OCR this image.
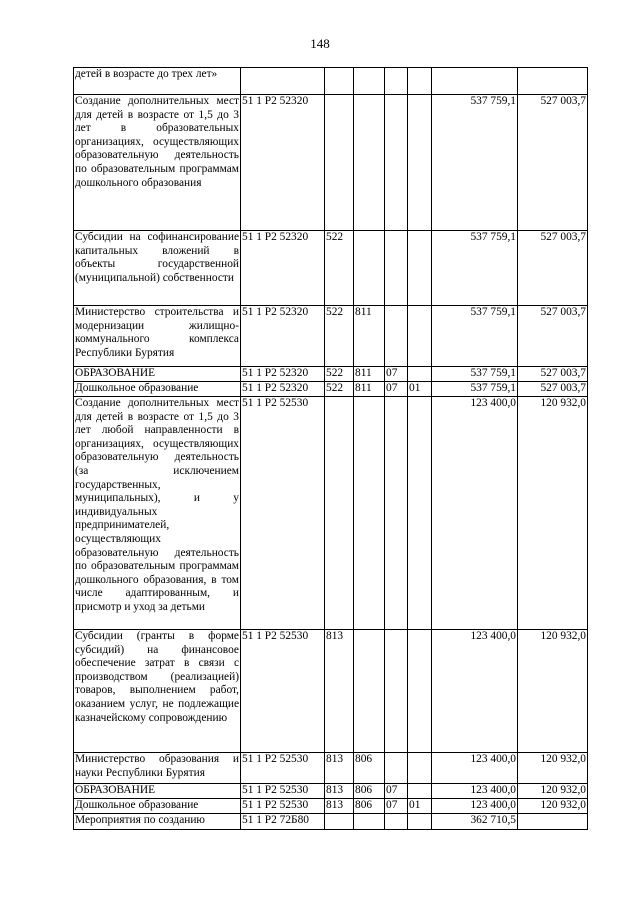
148
детей в возрасте до трех лет»							
Создание дополнительных мест для детей в возрасте от 1,5 до 3 лет в образовательных организациях, осуществляющих образовательную деятельность по образовательным программам дошкольного образования	51 1 P2 52320					537 759,1	527 003,7
Субсидии на софинансирование капитальных вложений в объекты государственной (муниципальной) собственности	51 1 P2 52320	522				537 759,1	527 003,7
Министерство строительства и модернизации жилищно-коммунального комплекса Республики Бурятия	51 1 P2 52320	522	811			537 759,1	527 003,7
ОБРАЗОВАНИЕ	51 1 P2 52320	522	811	07		537 759,1	527 003,7
Дошкольное образование	51 1 P2 52320	522	811	07	01	537 759,1	527 003,7
Создание дополнительных мест для детей в возрасте от 1,5 до 3 лет любой направленности в организациях, осуществляющих образовательную деятельность (за исключением государственных, муниципальных), и у индивидуальных предпринимателей, осуществляющих образовательную деятельность по образовательным программам дошкольного образования, в том числе адаптированным, и присмотр и уход за детьми	51 1 P2 52530					123 400,0	120 932,0
Субсидии (гранты в форме субсидий) на финансовое обеспечение затрат в связи с производством (реализацией) товаров, выполнением работ, оказанием услуг, не подлежащие казначейскому сопровождению	51 1 P2 52530	813				123 400,0	120 932,0
Министерство образования и науки Республики Бурятия	51 1 P2 52530	813	806			123 400,0	120 932,0
ОБРАЗОВАНИЕ	51 1 P2 52530	813	806	07		123 400,0	120 932,0
Дошкольное образование	51 1 P2 52530	813	806	07	01	123 400,0	120 932,0
Мероприятия по созданию	51 1 P2 72Б80					362 710,5	
